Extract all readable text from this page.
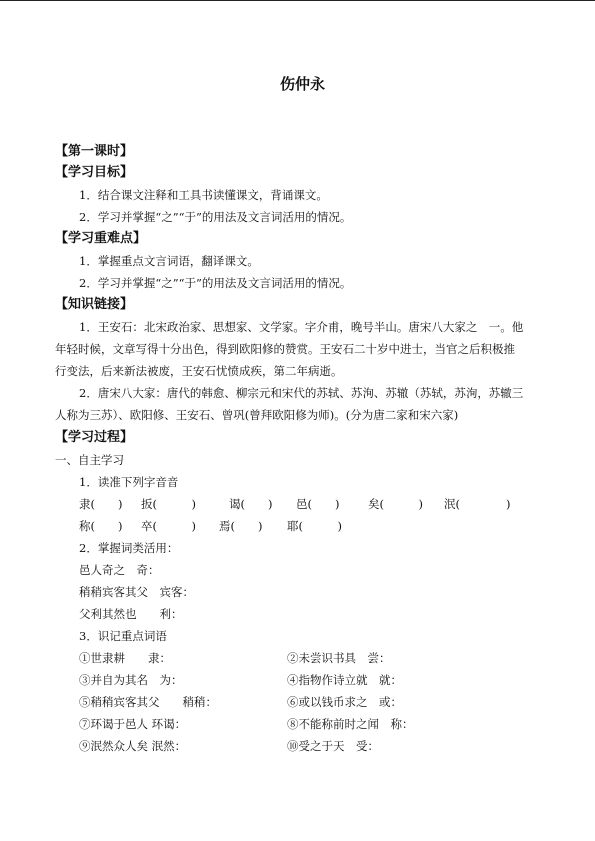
伤仲永
【第一课时】
【学习目标】
1．结合课文注释和工具书读懂课文，背诵课文。
2．学习并掌握“之”“于”的用法及文言词活用的情况。
【学习重难点】
1．掌握重点文言词语，翻译课文。
2．学习并掌握“之”“于”的用法及文言词活用的情况。
【知识链接】
1．王安石：北宋政治家、思想家、文学家。字介甫，晚号半山。唐宋八大家之　一。他
年轻时候，文章写得十分出色，得到欧阳修的赞赏。王安石二十岁中进士，当官之后积极推
行变法，后来新法被废，王安石忧愤成疾，第二年病逝。
2．唐宋八大家：唐代的韩愈、柳宗元和宋代的苏轼、苏洵、苏辙（苏轼，苏洵，苏辙三
人称为三苏）、欧阳修、王安石、曾巩(曾拜欧阳修为师)。(分为唐二家和宋六家)
【学习过程】
一、自主学习
1．读准下列字音音
隶(　　) 扳(　　　)	谒(　　) 邑(　　) 矣(　　　) 泯(　　　　)
称(　　) 卒(　　　) 焉(　　) 耶(　　　)
2．掌握词类活用：
邑人奇之　奇：
稍稍宾客其父　宾客：
父利其然也　　利：
3．识记重点词语
①世隶耕　　隶：	②未尝识书具　尝：
③并自为其名　为：	④指物作诗立就　就：
⑤稍稍宾客其父　　稍稍：	⑥或以钱币求之　或：
⑦环谒于邑人 环谒：	⑧不能称前时之闻　称：
⑨泯然众人矣 泯然：	⑩受之于天　受：
